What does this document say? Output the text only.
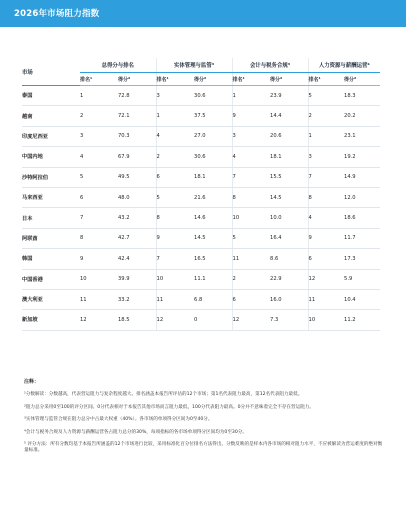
2026年市场阻力指数
市场	总得分与排名		实体管理与监管³		会计与税务合规³		人力资源与薪酬运营⁴	
	排名¹	得分²	排名¹	得分²	排名¹	得分²	排名¹	得分²
泰国	1	72.8	3	30.6	1	23.9	5	18.3
越南	2	72.1	1	37.5	9	14.4	2	20.2
印度尼西亚	3	70.3	4	27.0	3	20.6	1	23.1
中国内地	4	67.9	2	30.6	4	18.1	3	19.2
沙特阿拉伯	5	49.5	6	18.1	7	15.5	7	14.9
马来西亚	6	48.0	5	21.6	8	14.5	8	12.0
日本	7	43.2	8	14.6	10	10.0	4	18.6
阿联酋	8	42.7	9	14.5	5	16.4	9	11.7
韩国	9	42.4	7	16.5	11	8.6	6	17.3
中国香港	10	39.9	10	11.1	2	22.9	12	5.9
澳大利亚	11	33.2	11	6.8	6	16.0	11	10.4
新加坡	12	18.5	12	0	12	7.3	10	11.2
注释：
¹分数解读：分数越高，代表营运阻力与复杂程度越大。排名涵盖本报告所评估的12个市场；第1名代表阻力最高，第12名代表阻力最低。
²阻力总分采用0至100的评分区间。0分代表相对于本报告其他市场而言阻力最低，100分代表阻力最高。0分并不意味着完全不存在营运阻力。
³实体管理与监管合规在阻力总分中占最大权重（40%）。各市场的单项得分区间为0至40分。
⁴会计与税务合规及人力资源与薪酬运营各占阻力总分的30%，每项指标的各市场单项得分区间均为0至30分。
⁵ 评分方法：所有分数均基于本报告所涵盖的12个市场进行比较，采用标准化百分位排名方法得出。分数反映的是样本内各市场的相对阻力水平，不应被解读为营运难度的绝对衡量标准。
